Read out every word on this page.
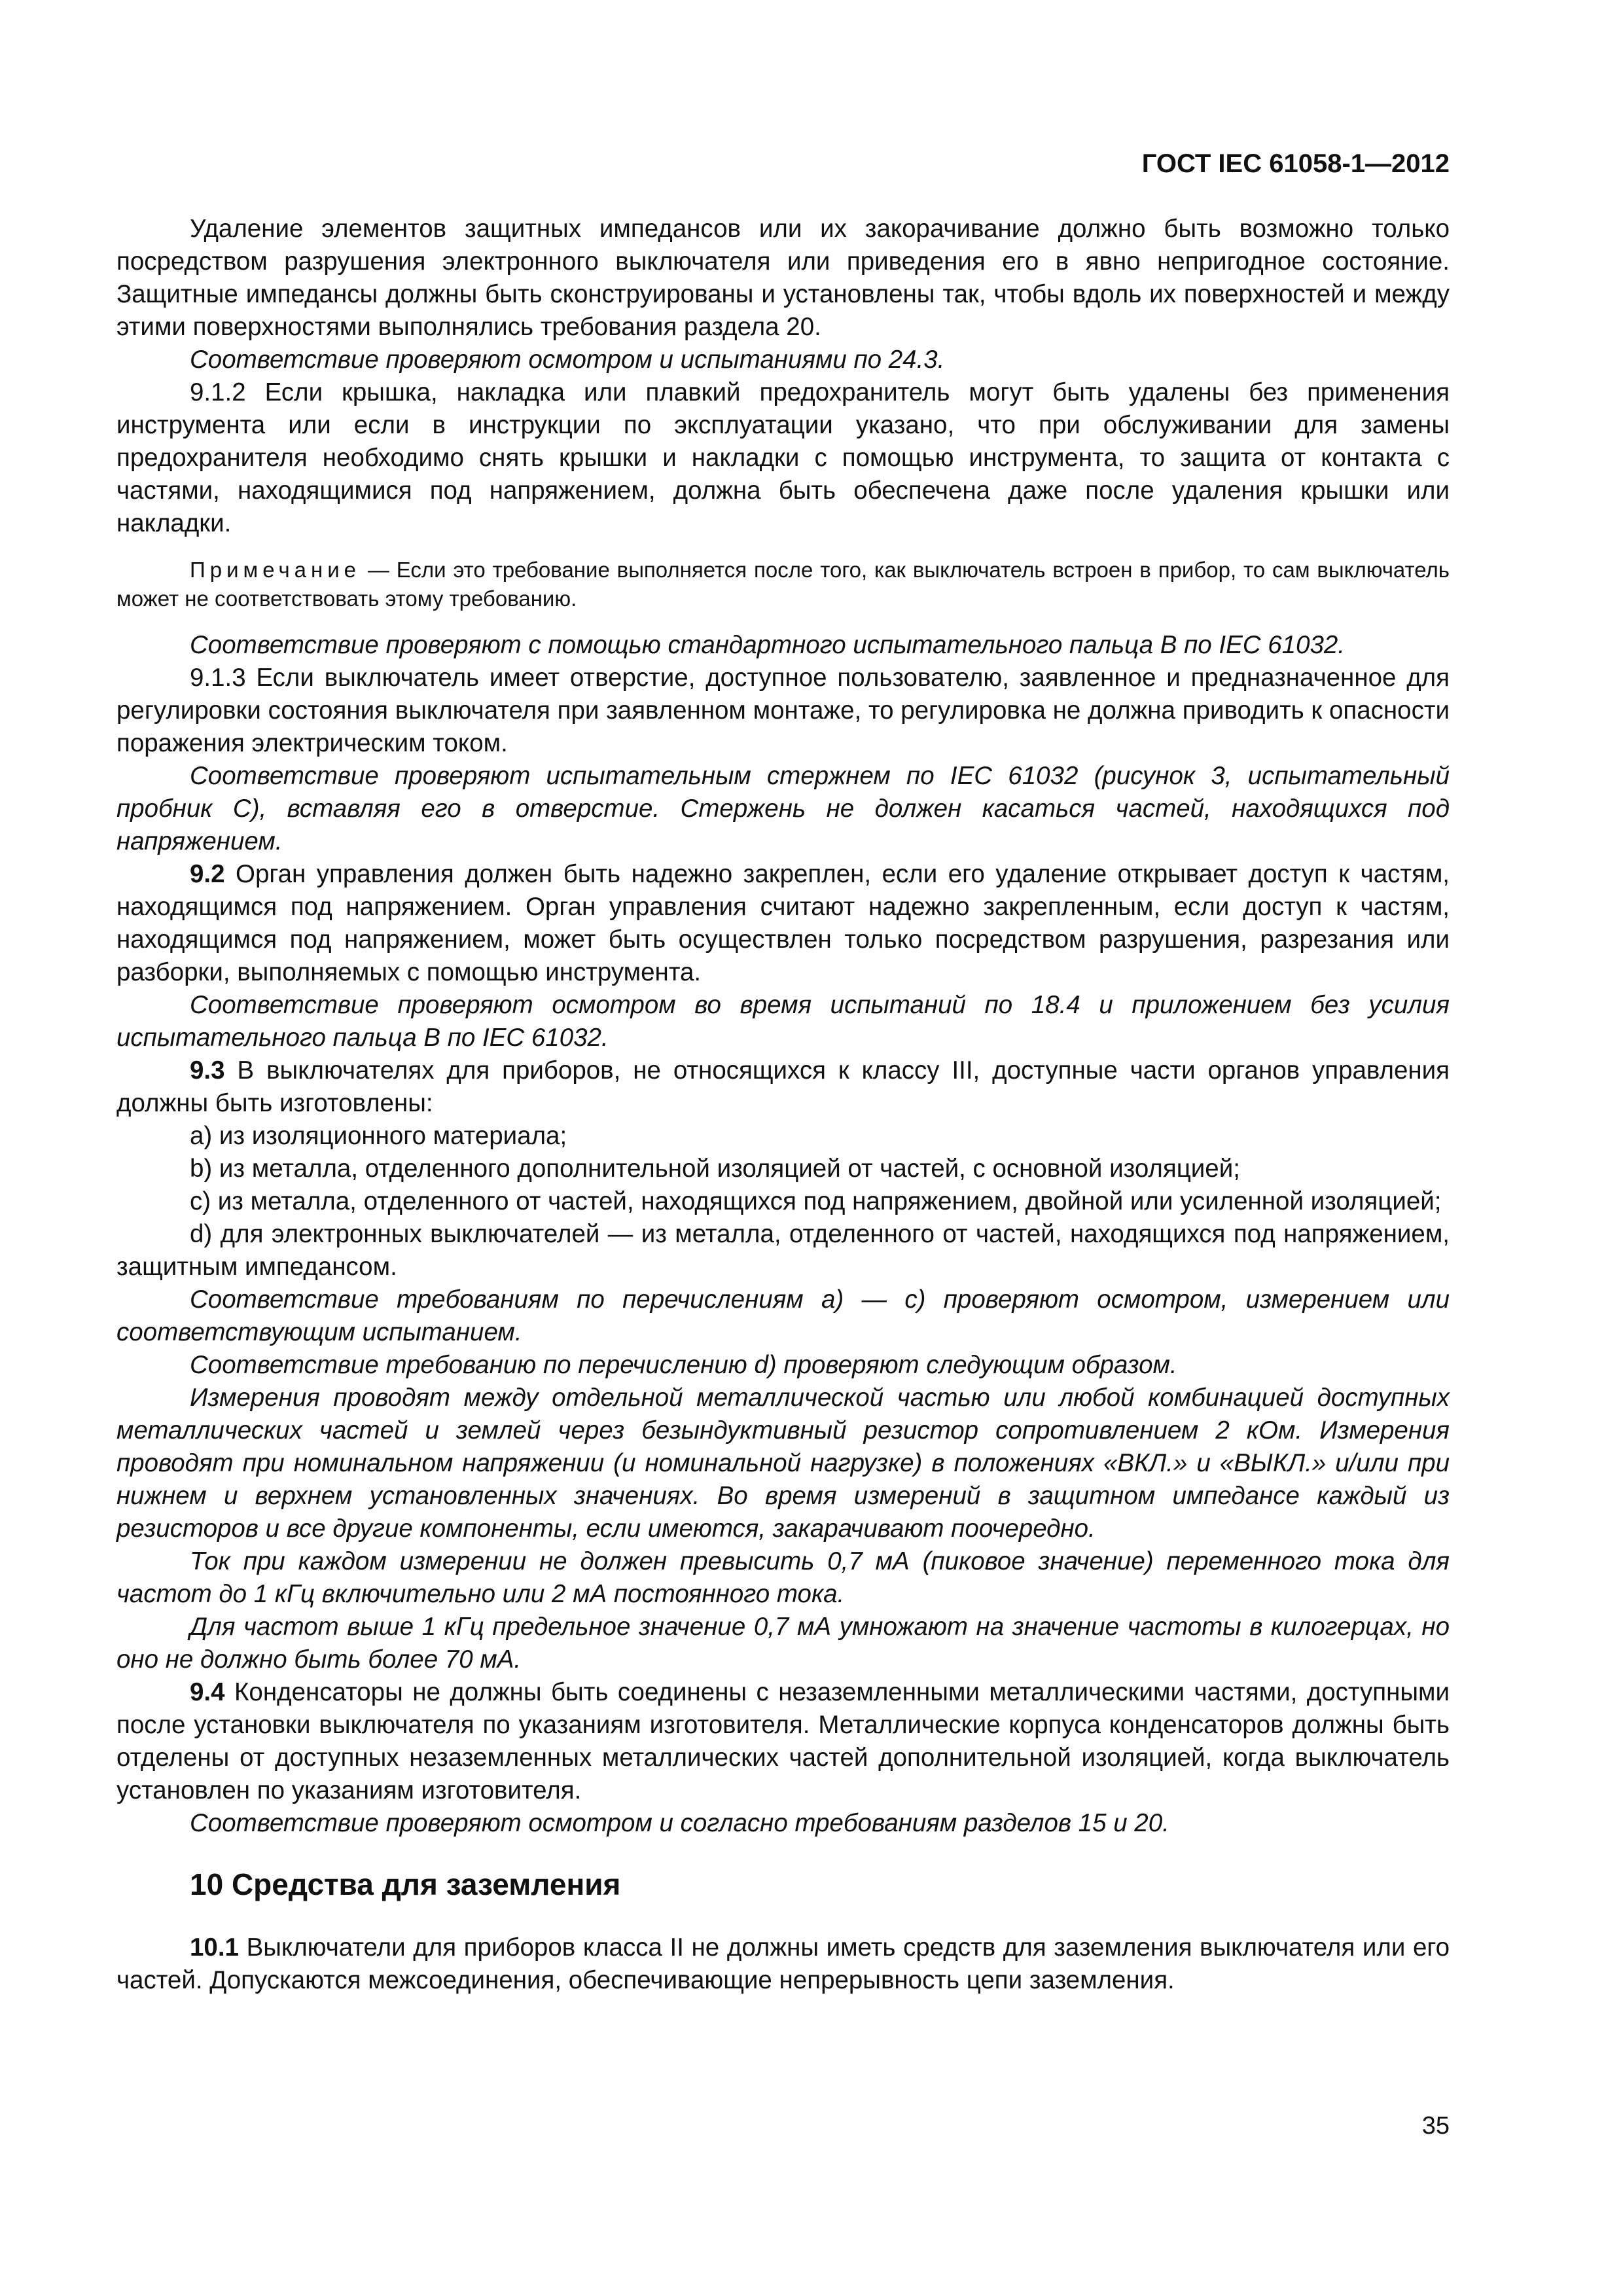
ГОСТ IEC 61058-1—2012

Удаление элементов защитных импедансов или их закорачивание должно быть возможно только посредством разрушения электронного выключателя или приведения его в явно непригодное состояние. Защитные импедансы должны быть сконструированы и установлены так, чтобы вдоль их поверхностей и между этими поверхностями выполнялись требования раздела 20.

Соответствие проверяют осмотром и испытаниями по 24.3.

9.1.2 Если крышка, накладка или плавкий предохранитель могут быть удалены без применения инструмента или если в инструкции по эксплуатации указано, что при обслуживании для замены предохранителя необходимо снять крышки и накладки с помощью инструмента, то защита от контакта с частями, находящимися под напряжением, должна быть обеспечена даже после удаления крышки или накладки.

Примечание — Если это требование выполняется после того, как выключатель встроен в прибор, то сам выключатель может не соответствовать этому требованию.

Соответствие проверяют с помощью стандартного испытательного пальца В по IEC 61032.

9.1.3 Если выключатель имеет отверстие, доступное пользователю, заявленное и предназначенное для регулировки состояния выключателя при заявленном монтаже, то регулировка не должна приводить к опасности поражения электрическим током.

Соответствие проверяют испытательным стержнем по IEC 61032 (рисунок 3, испытательный пробник С), вставляя его в отверстие. Стержень не должен касаться частей, находящихся под напряжением.

9.2 Орган управления должен быть надежно закреплен, если его удаление открывает доступ к частям, находящимся под напряжением. Орган управления считают надежно закрепленным, если доступ к частям, находящимся под напряжением, может быть осуществлен только посредством разрушения, разрезания или разборки, выполняемых с помощью инструмента.

Соответствие проверяют осмотром во время испытаний по 18.4 и приложением без усилия испытательного пальца В по IEC 61032.

9.3 В выключателях для приборов, не относящихся к классу III, доступные части органов управления должны быть изготовлены:

а) из изоляционного материала;

b) из металла, отделенного дополнительной изоляцией от частей, с основной изоляцией;

с) из металла, отделенного от частей, находящихся под напряжением, двойной или усиленной изоляцией;

d) для электронных выключателей — из металла, отделенного от частей, находящихся под напряжением, защитным импедансом.

Соответствие требованиям по перечислениям а) — с) проверяют осмотром, измерением или соответствующим испытанием.

Соответствие требованию по перечислению d) проверяют следующим образом.

Измерения проводят между отдельной металлической частью или любой комбинацией доступных металлических частей и землей через безындуктивный резистор сопротивлением 2 кОм. Измерения проводят при номинальном напряжении (и номинальной нагрузке) в положениях «ВКЛ.» и «ВЫКЛ.» и/или при нижнем и верхнем установленных значениях. Во время измерений в защитном импедансе каждый из резисторов и все другие компоненты, если имеются, закарачивают поочередно.

Ток при каждом измерении не должен превысить 0,7 мА (пиковое значение) переменного тока для частот до 1 кГц включительно или 2 мА постоянного тока.

Для частот выше 1 кГц предельное значение 0,7 мА умножают на значение частоты в килогерцах, но оно не должно быть более 70 мА.

9.4 Конденсаторы не должны быть соединены с незаземленными металлическими частями, доступными после установки выключателя по указаниям изготовителя. Металлические корпуса конденсаторов должны быть отделены от доступных незаземленных металлических частей дополнительной изоляцией, когда выключатель установлен по указаниям изготовителя.

Соответствие проверяют осмотром и согласно требованиям разделов 15 и 20.

10 Средства для заземления

10.1 Выключатели для приборов класса II не должны иметь средств для заземления выключателя или его частей. Допускаются межсоединения, обеспечивающие непрерывность цепи заземления.

35
